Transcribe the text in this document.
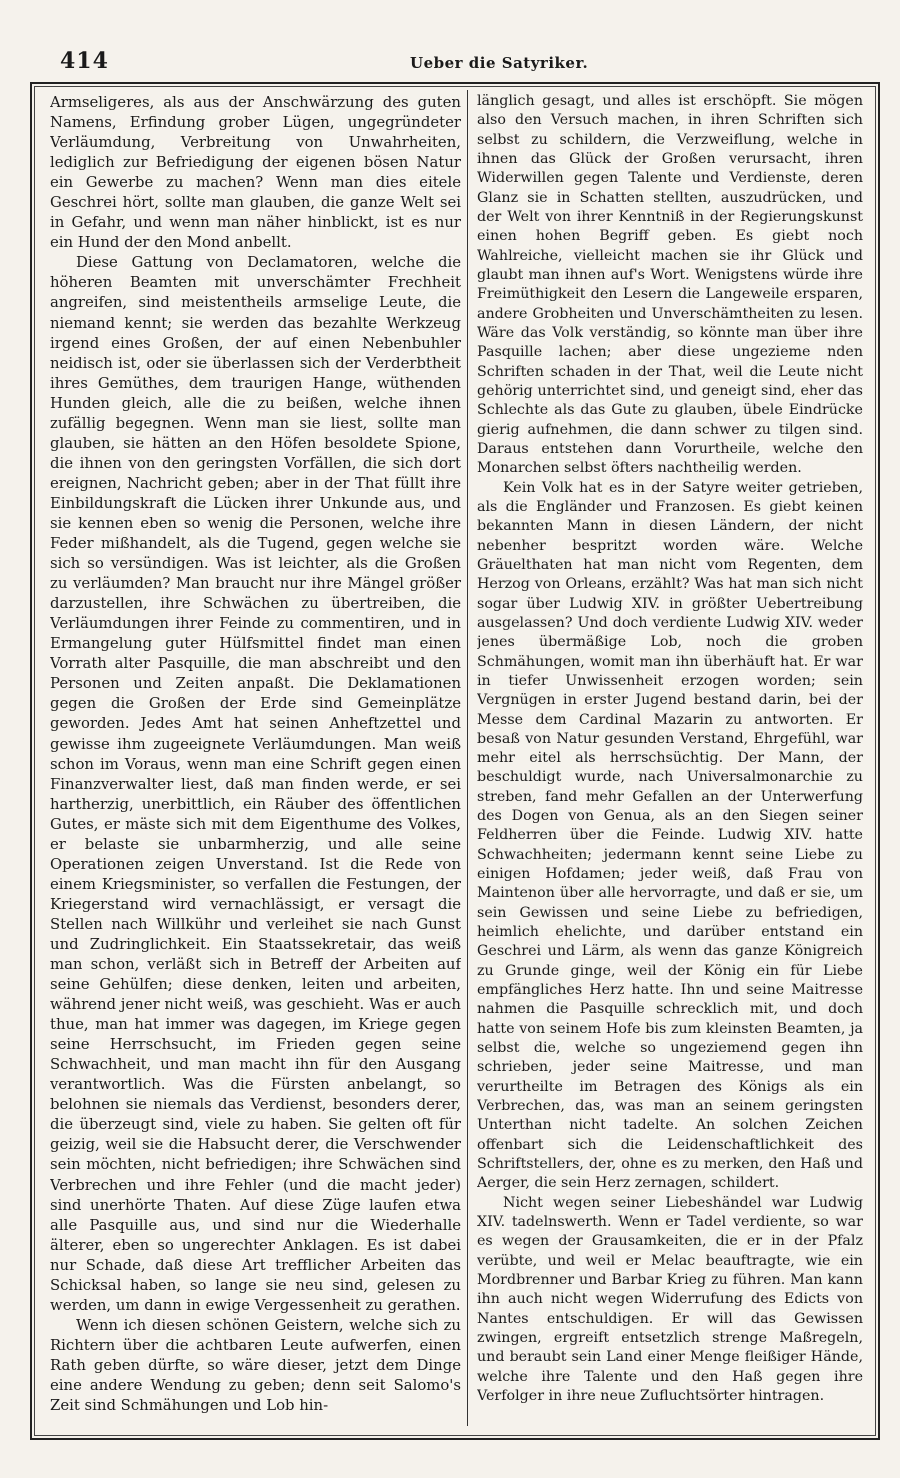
414	Ueber die Satyriker.

Armseligeres, als aus der Anschwärzung des guten Namens, Erfindung grober Lügen, ungegründeter Verläumdung, Verbreitung von Unwahrheiten, lediglich zur Befriedigung der eigenen bösen Natur ein Gewerbe zu machen? Wenn man dies eitele Geschrei hört, sollte man glauben, die ganze Welt sei in Gefahr, und wenn man näher hinblickt, ist es nur ein Hund der den Mond anbellt.

Diese Gattung von Declamatoren, welche die höheren Beamten mit unverschämter Frechheit angreifen, sind meistentheils armselige Leute, die niemand kennt; sie werden das bezahlte Werkzeug irgend eines Großen, der auf einen Nebenbuhler neidisch ist, oder sie überlassen sich der Verderbtheit ihres Gemüthes, dem traurigen Hange, wüthenden Hunden gleich, alle die zu beißen, welche ihnen zufällig begegnen. Wenn man sie liest, sollte man glauben, sie hätten an den Höfen besoldete Spione, die ihnen von den geringsten Vorfällen, die sich dort ereignen, Nachricht geben; aber in der That füllt ihre Einbildungskraft die Lücken ihrer Unkunde aus, und sie kennen eben so wenig die Personen, welche ihre Feder mißhandelt, als die Tugend, gegen welche sie sich so versündigen. Was ist leichter, als die Großen zu verläumden? Man braucht nur ihre Mängel größer darzustellen, ihre Schwächen zu übertreiben, die Verläumdungen ihrer Feinde zu commentiren, und in Ermangelung guter Hülfsmittel findet man einen Vorrath alter Pasquille, die man abschreibt und den Personen und Zeiten anpaßt. Die Deklamationen gegen die Großen der Erde sind Gemeinplätze geworden. Jedes Amt hat seinen Anheftzettel und gewisse ihm zugeeignete Verläumdungen. Man weiß schon im Voraus, wenn man eine Schrift gegen einen Finanzverwalter liest, daß man finden werde, er sei hartherzig, unerbittlich, ein Räuber des öffentlichen Gutes, er mäste sich mit dem Eigenthume des Volkes, er belaste sie unbarmherzig, und alle seine Operationen zeigen Unverstand. Ist die Rede von einem Kriegsminister, so verfallen die Festungen, der Kriegerstand wird vernachlässigt, er versagt die Stellen nach Willkühr und verleihet sie nach Gunst und Zudringlichkeit. Ein Staatssekretair, das weiß man schon, verläßt sich in Betreff der Arbeiten auf seine Gehülfen; diese denken, leiten und arbeiten, während jener nicht weiß, was geschieht. Was er auch thue, man hat immer was dagegen, im Kriege gegen seine Herrschsucht, im Frieden gegen seine Schwachheit, und man macht ihn für den Ausgang verantwortlich. Was die Fürsten anbelangt, so belohnen sie niemals das Verdienst, besonders derer, die überzeugt sind, viele zu haben. Sie gelten oft für geizig, weil sie die Habsucht derer, die Verschwender sein möchten, nicht befriedigen; ihre Schwächen sind Verbrechen und ihre Fehler (und die macht jeder) sind unerhörte Thaten. Auf diese Züge laufen etwa alle Pasquille aus, und sind nur die Wiederhalle älterer, eben so ungerechter Anklagen. Es ist dabei nur Schade, daß diese Art trefflicher Arbeiten das Schicksal haben, so lange sie neu sind, gelesen zu werden, um dann in ewige Vergessenheit zu gerathen.

Wenn ich diesen schönen Geistern, welche sich zu Richtern über die achtbaren Leute aufwerfen, einen Rath geben dürfte, so wäre dieser, jetzt dem Dinge eine andere Wendung zu geben; denn seit Salomo's Zeit sind Schmähungen und Lob hin-

länglich gesagt, und alles ist erschöpft. Sie mögen also den Versuch machen, in ihren Schriften sich selbst zu schildern, die Verzweiflung, welche in ihnen das Glück der Großen verursacht, ihren Widerwillen gegen Talente und Verdienste, deren Glanz sie in Schatten stellten, auszudrücken, und der Welt von ihrer Kenntniß in der Regierungskunst einen hohen Begriff geben. Es giebt noch Wahlreiche, vielleicht machen sie ihr Glück und glaubt man ihnen auf's Wort. Wenigstens würde ihre Freimüthigkeit den Lesern die Langeweile ersparen, andere Grobheiten und Unverschämtheiten zu lesen. Wäre das Volk verständig, so könnte man über ihre Pasquille lachen; aber diese ungezieme nden Schriften schaden in der That, weil die Leute nicht gehörig unterrichtet sind, und geneigt sind, eher das Schlechte als das Gute zu glauben, übele Eindrücke gierig aufnehmen, die dann schwer zu tilgen sind. Daraus entstehen dann Vorurtheile, welche den Monarchen selbst öfters nachtheilig werden.

Kein Volk hat es in der Satyre weiter getrieben, als die Engländer und Franzosen. Es giebt keinen bekannten Mann in diesen Ländern, der nicht nebenher bespritzt worden wäre. Welche Gräuelthaten hat man nicht vom Regenten, dem Herzog von Orleans, erzählt? Was hat man sich nicht sogar über Ludwig XIV. in größter Uebertreibung ausgelassen? Und doch verdiente Ludwig XIV. weder jenes übermäßige Lob, noch die groben Schmähungen, womit man ihn überhäuft hat. Er war in tiefer Unwissenheit erzogen worden; sein Vergnügen in erster Jugend bestand darin, bei der Messe dem Cardinal Mazarin zu antworten. Er besaß von Natur gesunden Verstand, Ehrgefühl, war mehr eitel als herrschsüchtig. Der Mann, der beschuldigt wurde, nach Universalmonarchie zu streben, fand mehr Gefallen an der Unterwerfung des Dogen von Genua, als an den Siegen seiner Feldherren über die Feinde. Ludwig XIV. hatte Schwachheiten; jedermann kennt seine Liebe zu einigen Hofdamen; jeder weiß, daß Frau von Maintenon über alle hervorragte, und daß er sie, um sein Gewissen und seine Liebe zu befriedigen, heimlich ehelichte, und darüber entstand ein Geschrei und Lärm, als wenn das ganze Königreich zu Grunde ginge, weil der König ein für Liebe empfängliches Herz hatte. Ihn und seine Maitresse nahmen die Pasquille schrecklich mit, und doch hatte von seinem Hofe bis zum kleinsten Beamten, ja selbst die, welche so ungeziemend gegen ihn schrieben, jeder seine Maitresse, und man verurtheilte im Betragen des Königs als ein Verbrechen, das, was man an seinem geringsten Unterthan nicht tadelte. An solchen Zeichen offenbart sich die Leidenschaftlichkeit des Schriftstellers, der, ohne es zu merken, den Haß und Aerger, die sein Herz zernagen, schildert.

Nicht wegen seiner Liebeshändel war Ludwig XIV. tadelnswerth. Wenn er Tadel verdiente, so war es wegen der Grausamkeiten, die er in der Pfalz verübte, und weil er Melac beauftragte, wie ein Mordbrenner und Barbar Krieg zu führen. Man kann ihn auch nicht wegen Widerrufung des Edicts von Nantes entschuldigen. Er will das Gewissen zwingen, ergreift entsetzlich strenge Maßregeln, und beraubt sein Land einer Menge fleißiger Hände, welche ihre Talente und den Haß gegen ihre Verfolger in ihre neue Zufluchtsörter hintragen.
